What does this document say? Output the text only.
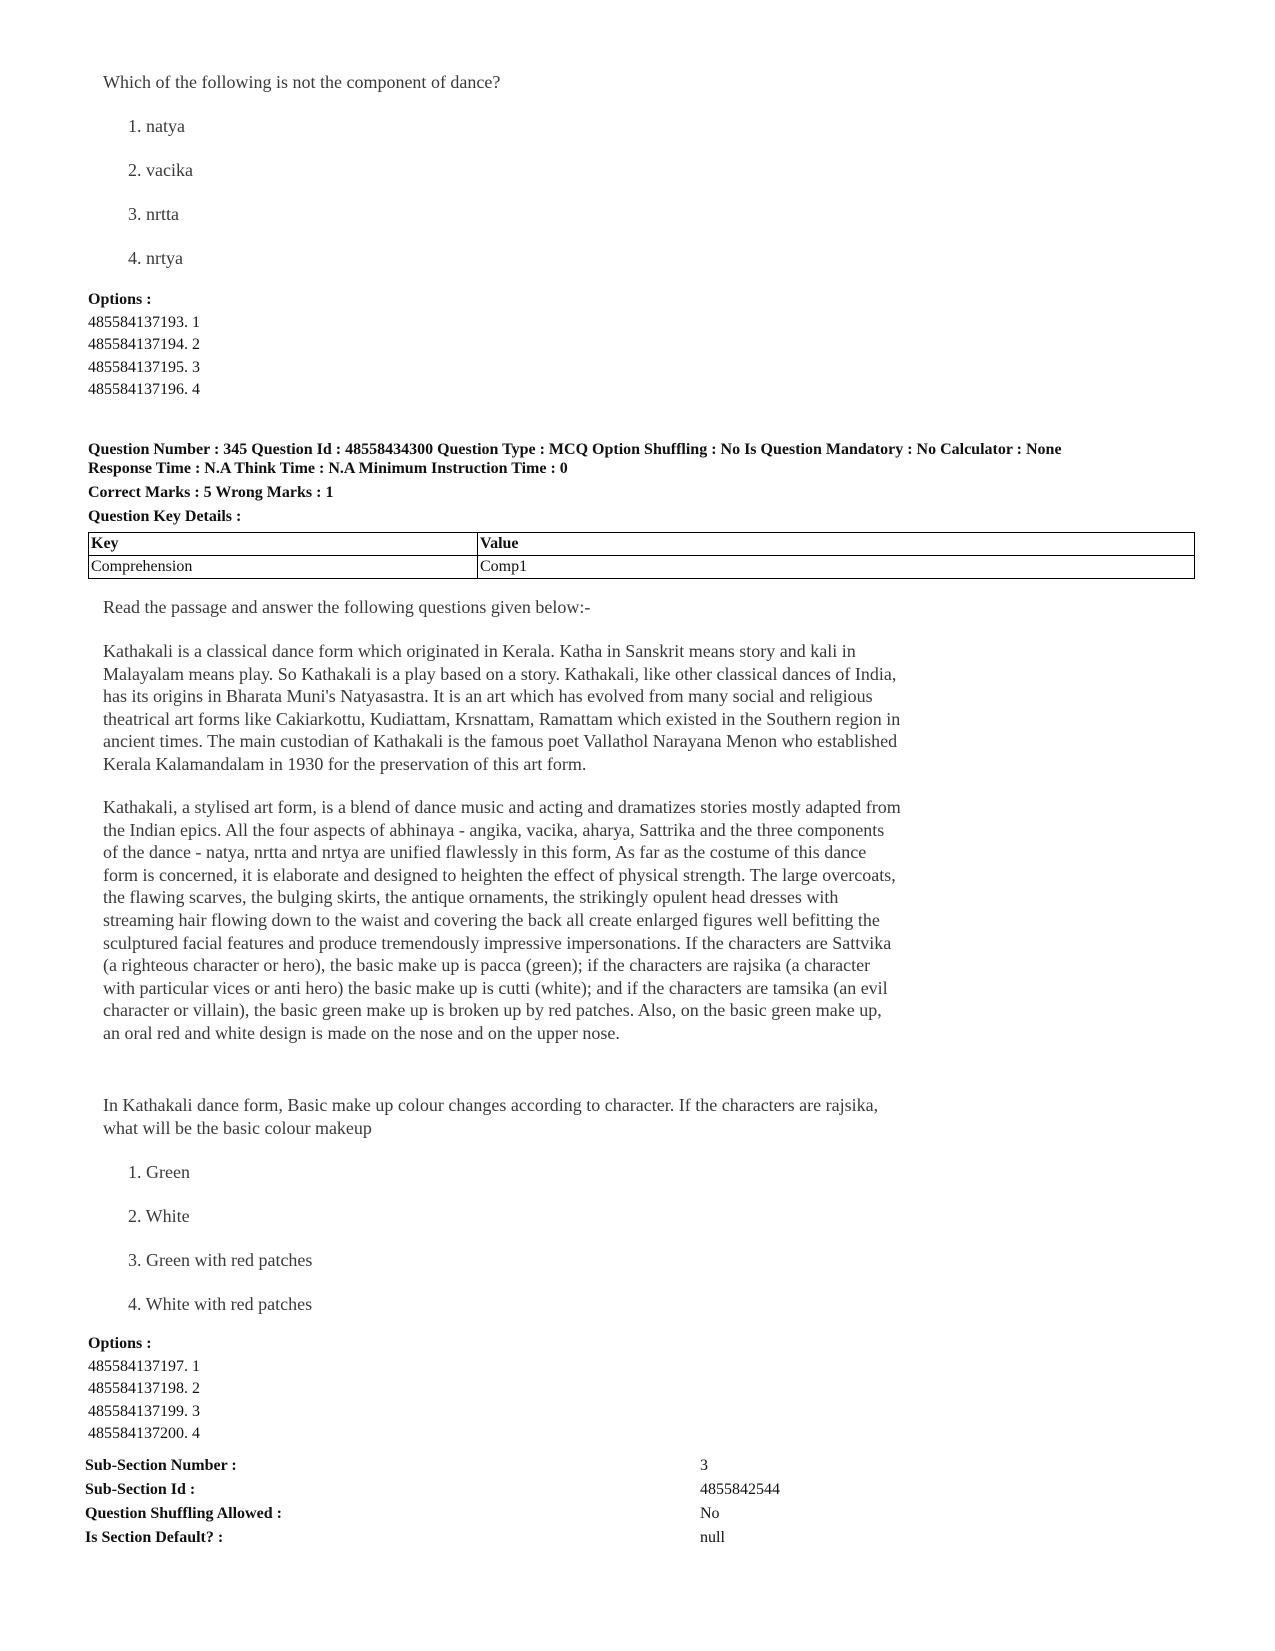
Which of the following is not the component of dance?

1. natya

2. vacika

3. nrtta

4. nrtya

Options :
485584137193. 1
485584137194. 2
485584137195. 3
485584137196. 4
Question Number : 345 Question Id : 48558434300 Question Type : MCQ Option Shuffling : No Is Question Mandatory : No Calculator : None
Response Time : N.A Think Time : N.A Minimum Instruction Time : 0
Correct Marks : 5 Wrong Marks : 1
Question Key Details :
Key	Value
Comprehension	Comp1

Read the passage and answer the following questions given below:-

Kathakali is a classical dance form which originated in Kerala. Katha in Sanskrit means story and kali in
Malayalam means play. So Kathakali is a play based on a story. Kathakali, like other classical dances of India,
has its origins in Bharata Muni's Natyasastra. It is an art which has evolved from many social and religious
theatrical art forms like Cakiarkottu, Kudiattam, Krsnattam, Ramattam which existed in the Southern region in
ancient times. The main custodian of Kathakali is the famous poet Vallathol Narayana Menon who established
Kerala Kalamandalam in 1930 for the preservation of this art form.

Kathakali, a stylised art form, is a blend of dance music and acting and dramatizes stories mostly adapted from
the Indian epics. All the four aspects of abhinaya - angika, vacika, aharya, Sattrika and the three components
of the dance - natya, nrtta and nrtya are unified flawlessly in this form, As far as the costume of this dance
form is concerned, it is elaborate and designed to heighten the effect of physical strength. The large overcoats,
the flawing scarves, the bulging skirts, the antique ornaments, the strikingly opulent head dresses with
streaming hair flowing down to the waist and covering the back all create enlarged figures well befitting the
sculptured facial features and produce tremendously impressive impersonations. If the characters are Sattvika
(a righteous character or hero), the basic make up is pacca (green); if the characters are rajsika (a character
with particular vices or anti hero) the basic make up is cutti (white); and if the characters are tamsika (an evil
character or villain), the basic green make up is broken up by red patches. Also, on the basic green make up,
an oral red and white design is made on the nose and on the upper nose.

In Kathakali dance form, Basic make up colour changes according to character. If the characters are rajsika,
what will be the basic colour makeup

1. Green

2. White

3. Green with red patches

4. White with red patches

Options :
485584137197. 1
485584137198. 2
485584137199. 3
485584137200. 4
Sub-Section Number :	3
Sub-Section Id :	4855842544
Question Shuffling Allowed :	No
Is Section Default? :	null
